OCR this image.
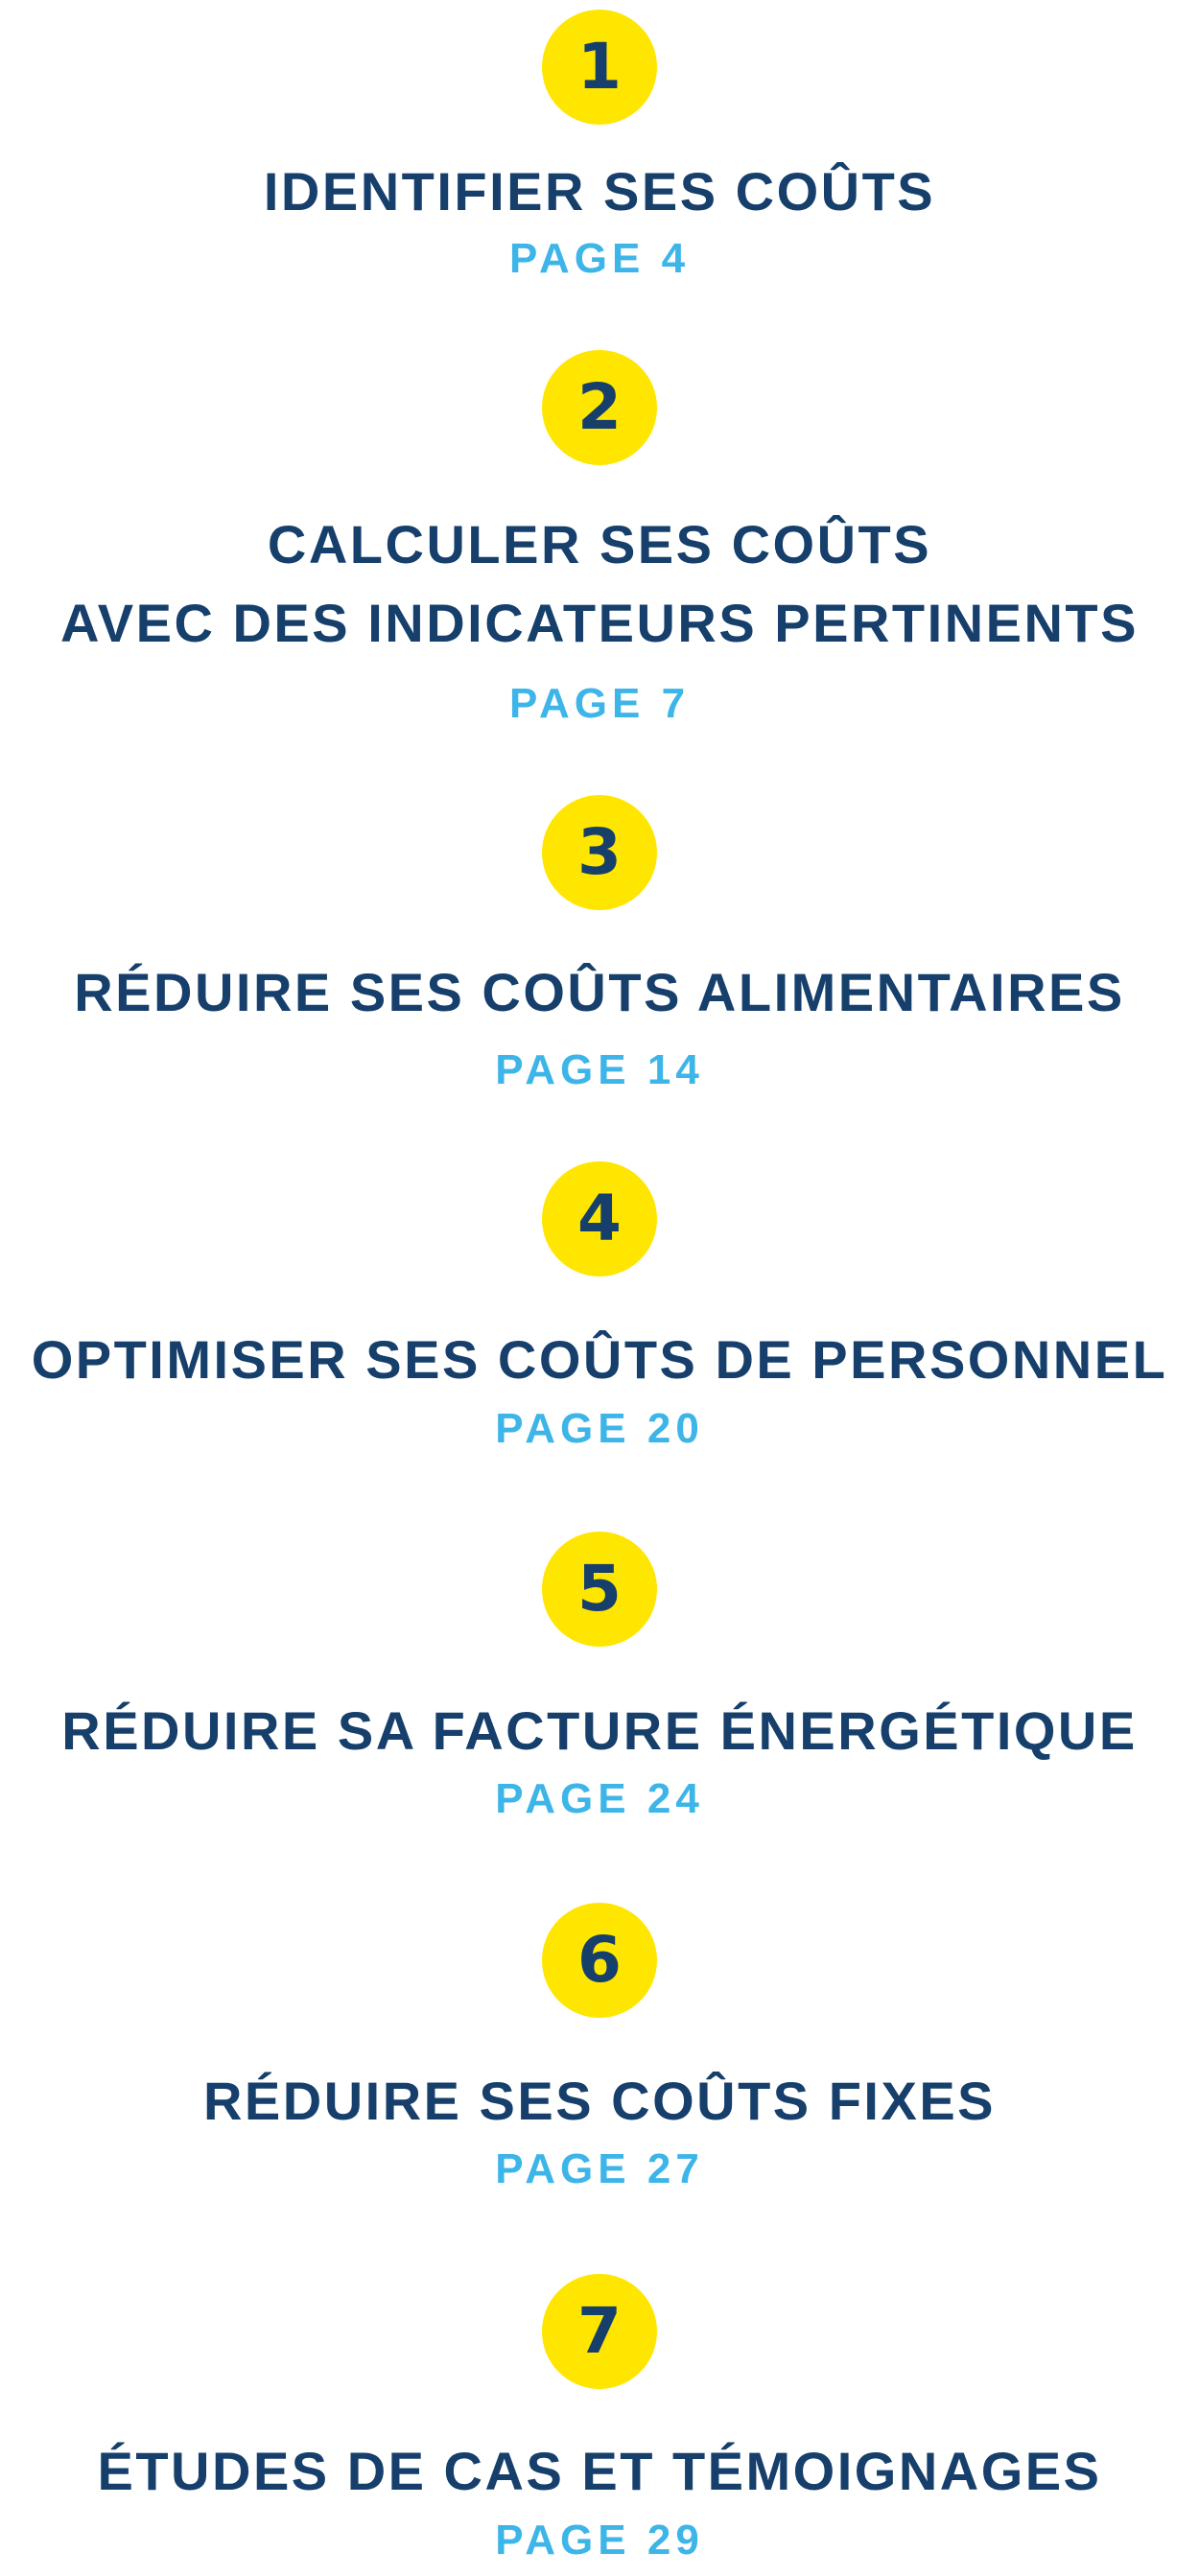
1
IDENTIFIER SES COÛTS
PAGE 4
2
CALCULER SES COÛTS
AVEC DES INDICATEURS PERTINENTS
PAGE 7
3
RÉDUIRE SES COÛTS ALIMENTAIRES
PAGE 14
4
OPTIMISER SES COÛTS DE PERSONNEL
PAGE 20
5
RÉDUIRE SA FACTURE ÉNERGÉTIQUE
PAGE 24
6
RÉDUIRE SES COÛTS FIXES
PAGE 27
7
ÉTUDES DE CAS ET TÉMOIGNAGES
PAGE 29
